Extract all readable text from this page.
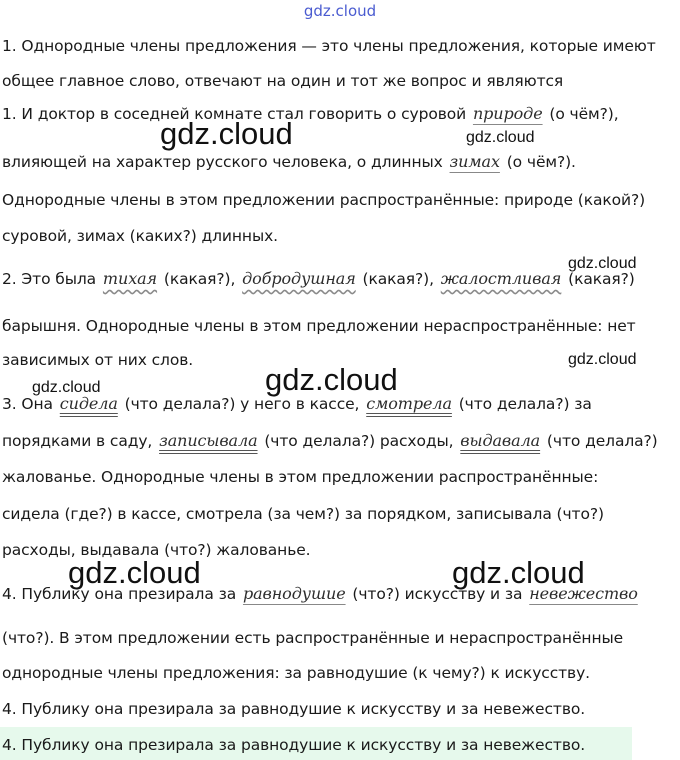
gdz.cloud
1. Однородные члены предложения — это члены предложения, которые имеют
общее главное слово, отвечают на один и тот же вопрос и являются
1. И доктор в соседней комнате стал говорить о суровой природе (о чём?),
влияющей на характер русского человека, о длинных зимах (о чём?).
Однородные члены в этом предложении распространённые: природе (какой?)
суровой, зимах (каких?) длинных.
2. Это была тихая (какая?), добродушная (какая?), жалостливая (какая?)
барышня. Однородные члены в этом предложении нераспространённые: нет
зависимых от них слов.
3. Она сидела (что делала?) у него в кассе, смотрела (что делала?) за
порядками в саду, записывала (что делала?) расходы, выдавала (что делала?)
жалованье. Однородные члены в этом предложении распространённые:
сидела (где?) в кассе, смотрела (за чем?) за порядком, записывала (что?)
расходы, выдавала (что?) жалованье.
4. Публику она презирала за равнодушие (что?) искусству и за невежество
(что?). В этом предложении есть распространённые и нераспространённые
однородные члены предложения: за равнодушие (к чему?) к искусству.
4. Публику она презирала за равнодушие к искусству и за невежество.
4. Публику она презирала за равнодушие к искусству и за невежество.
gdz.cloud	gdz.cloud
gdz.cloud
gdz.cloud
gdz.cloud	gdz.cloud
gdz.cloud	gdz.cloud
